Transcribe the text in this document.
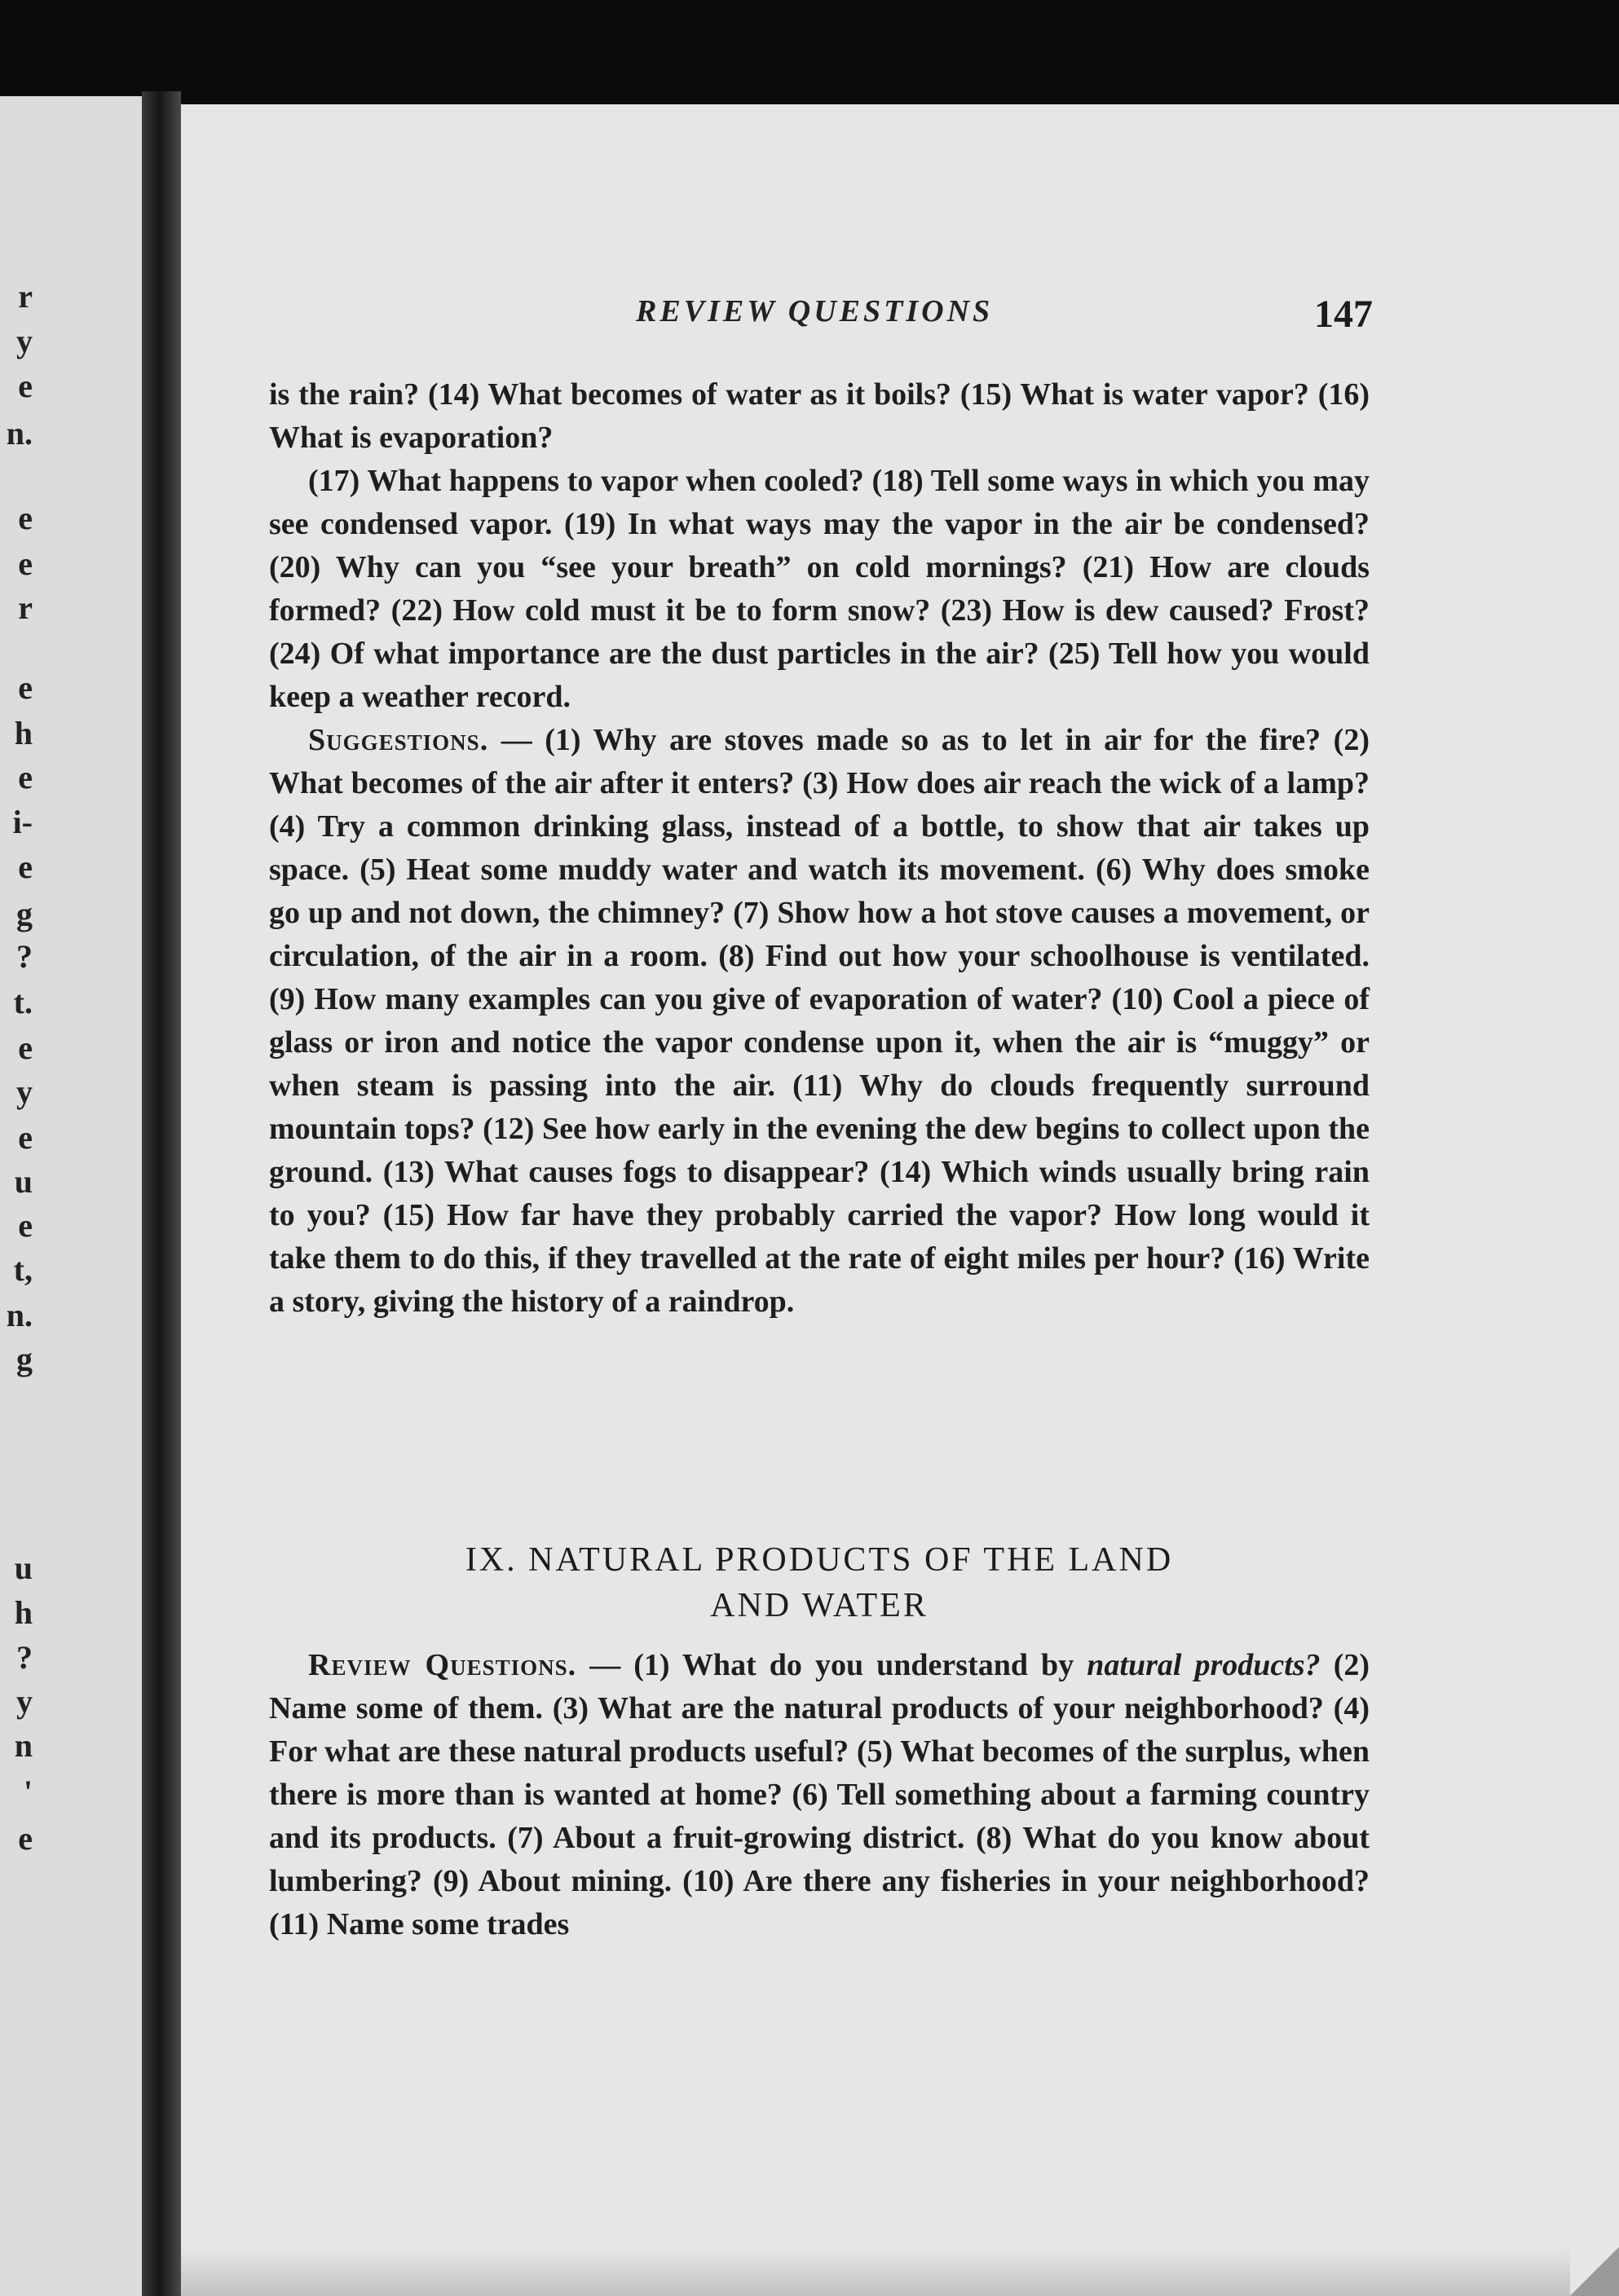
r
y
e
n.
e
e
r
e
h
e
i-
e
g
?
t.
e
y
e
u
e
t,
n.
g
u
h
?
y
n
'
e
REVIEW QUESTIONS	147

is the rain? (14) What becomes of water as it boils? (15) What is water vapor? (16) What is evaporation?

(17) What happens to vapor when cooled? (18) Tell some ways in which you may see condensed vapor. (19) In what ways may the vapor in the air be condensed? (20) Why can you “see your breath” on cold mornings? (21) How are clouds formed? (22) How cold must it be to form snow? (23) How is dew caused? Frost? (24) Of what importance are the dust particles in the air? (25) Tell how you would keep a weather record.

Suggestions. — (1) Why are stoves made so as to let in air for the fire? (2) What becomes of the air after it enters? (3) How does air reach the wick of a lamp? (4) Try a common drinking glass, instead of a bottle, to show that air takes up space. (5) Heat some muddy water and watch its movement. (6) Why does smoke go up and not down, the chimney? (7) Show how a hot stove causes a movement, or circulation, of the air in a room. (8) Find out how your schoolhouse is ventilated. (9) How many examples can you give of evaporation of water? (10) Cool a piece of glass or iron and notice the vapor condense upon it, when the air is “muggy” or when steam is passing into the air. (11) Why do clouds frequently surround mountain tops? (12) See how early in the evening the dew begins to collect upon the ground. (13) What causes fogs to disappear? (14) Which winds usually bring rain to you? (15) How far have they probably carried the vapor? How long would it take them to do this, if they travelled at the rate of eight miles per hour? (16) Write a story, giving the history of a raindrop.

IX. NATURAL PRODUCTS OF THE LAND
AND WATER

Review Questions. — (1) What do you understand by natural products? (2) Name some of them. (3) What are the natural products of your neighborhood? (4) For what are these natural products useful? (5) What becomes of the surplus, when there is more than is wanted at home? (6) Tell something about a farming country and its products. (7) About a fruit-growing district. (8) What do you know about lumbering? (9) About mining. (10) Are there any fisheries in your neighborhood? (11) Name some trades
